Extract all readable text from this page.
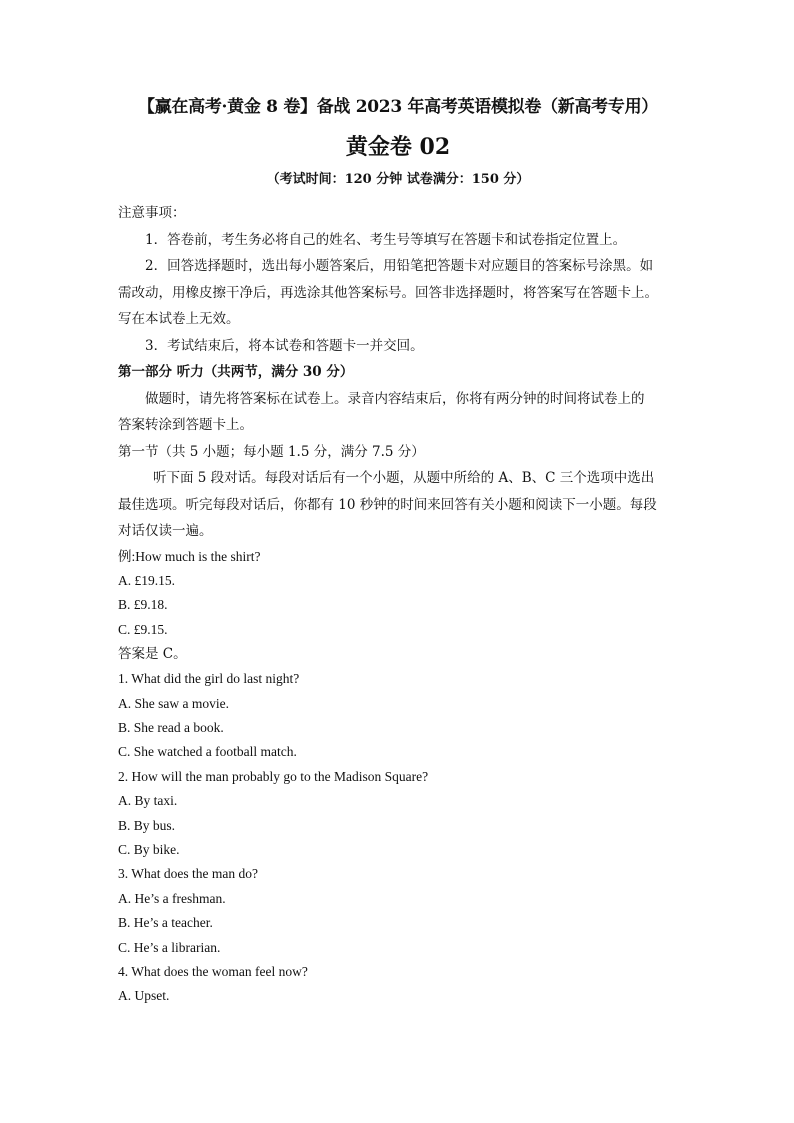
【赢在高考·黄金 8 卷】备战 2023 年高考英语模拟卷（新高考专用）

黄金卷 02

（考试时间：120 分钟 试卷满分：150 分）

注意事项：

1．答卷前，考生务必将自己的姓名、考生号等填写在答题卡和试卷指定位置上。

2．回答选择题时，选出每小题答案后，用铅笔把答题卡对应题目的答案标号涂黑。如

需改动，用橡皮擦干净后，再选涂其他答案标号。回答非选择题时，将答案写在答题卡上。

写在本试卷上无效。

3．考试结束后，将本试卷和答题卡一并交回。

第一部分 听力（共两节，满分 30 分）

做题时，请先将答案标在试卷上。录音内容结束后，你将有两分钟的时间将试卷上的

答案转涂到答题卡上。

第一节（共 5 小题；每小题 1.5 分，满分 7.5 分）

听下面 5 段对话。每段对话后有一个小题，从题中所给的 A、B、C 三个选项中选出

最佳选项。听完每段对话后，你都有 10 秒钟的时间来回答有关小题和阅读下一小题。每段

对话仅读一遍。

例:How much is the shirt?

A. £19.15.

B. £9.18.

C. £9.15.

答案是 C。

1. What did the girl do last night?

A. She saw a movie.

B. She read a book.

C. She watched a football match.

2. How will the man probably go to the Madison Square?

A. By taxi.

B. By bus.

C. By bike.

3. What does the man do?

A. He’s a freshman.

B. He’s a teacher.

C. He’s a librarian.

4. What does the woman feel now?

A. Upset.
